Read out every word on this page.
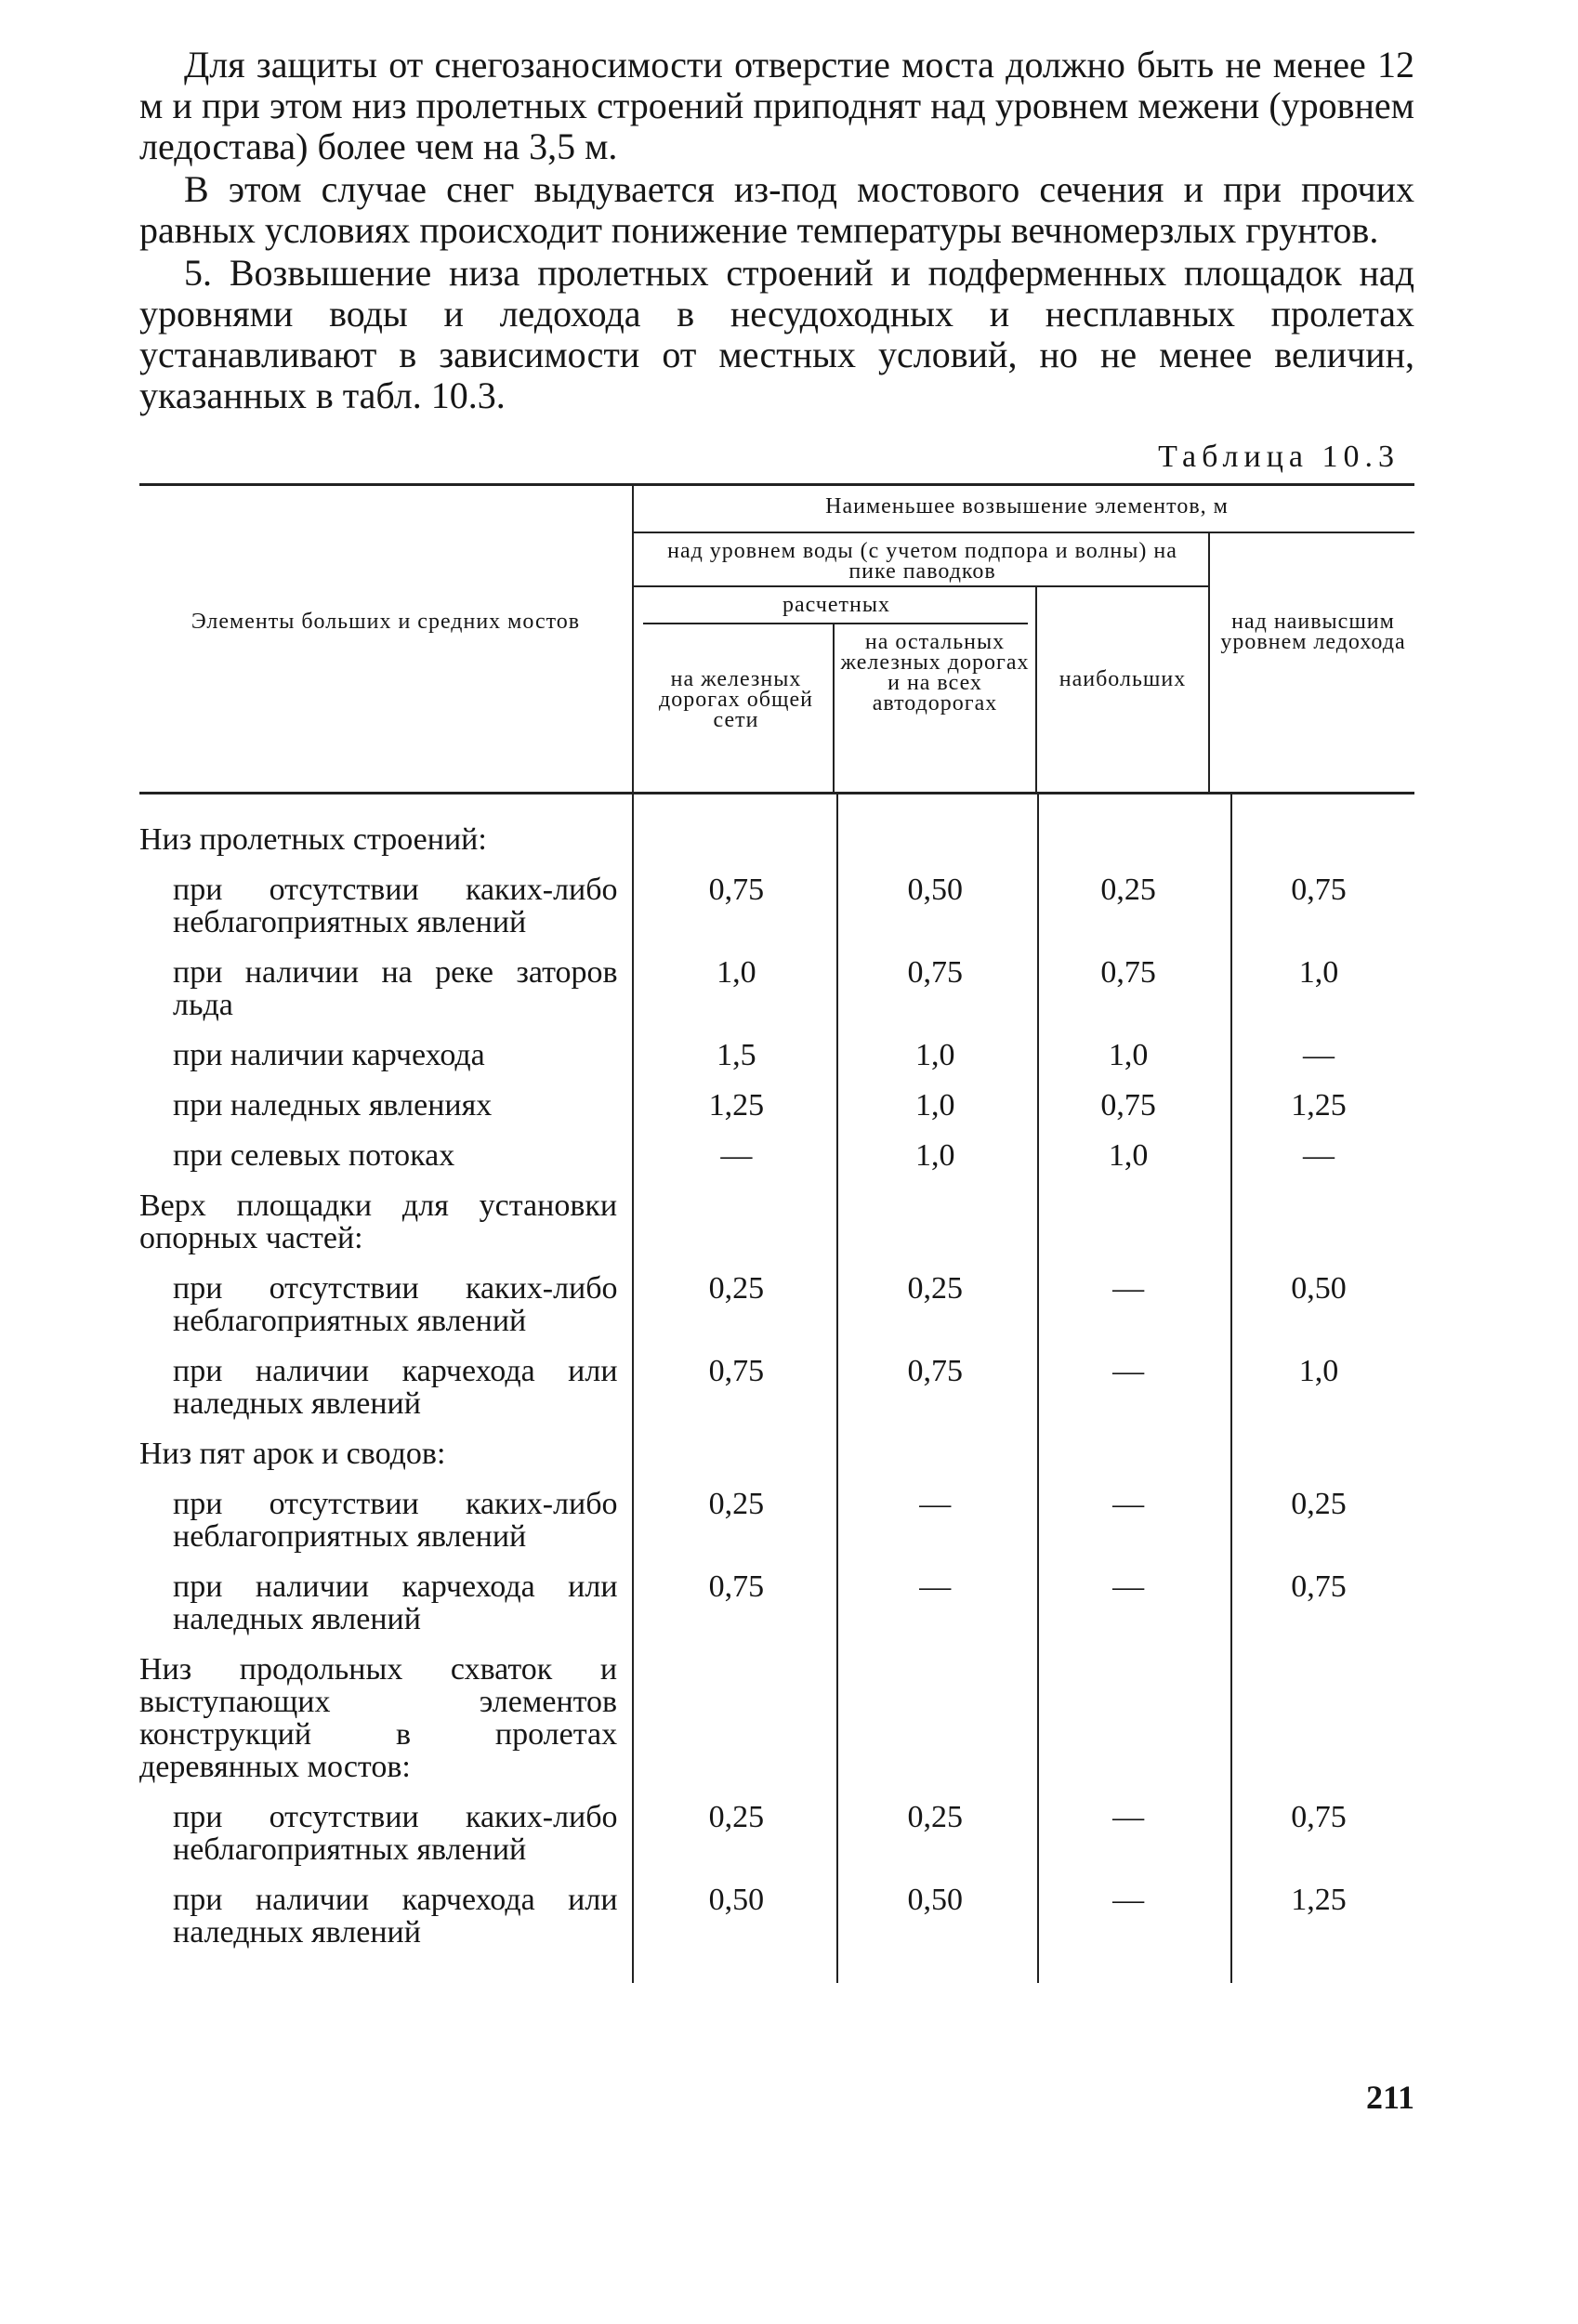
Для защиты от снегозаносимости отверстие моста должно быть не менее 12 м и при этом низ пролетных строений приподнят над уровнем межени (уровнем ледостава) более чем на 3,5 м.

В этом случае снег выдувается из-под мостового сечения и при прочих равных условиях происходит понижение температуры вечномерзлых грунтов.

5. Возвышение низа пролетных строений и подферменных площадок над уровнями воды и ледохода в несудоходных и несплавных пролетах устанавливают в зависимости от местных условий, но не менее величин, указанных в табл. 10.3.

Таблица 10.3
Элементы больших и средних мостов
Наименьшее возвышение элементов, м
над уровнем воды (с учетом подпора и волны) на пике паводков
расчетных
на железных дорогах общей сети
на остальных железных дорогах и на всех автодорогах
наибольших
над наивысшим уровнем ледохода
Низ пролетных строений:
при отсутствии каких-либо неблагоприятных явлений
0,75	0,50	0,25	0,75
при наличии на реке заторов льда
1,0	0,75	0,75	1,0
при наличии карчехода	1,5	1,0	1,0	—
при наледных явлениях	1,25	1,0	0,75	1,25
при селевых потоках	—	1,0	1,0	—
Верх площадки для установки опорных частей:
при отсутствии каких-либо неблагоприятных явлений
0,25	0,25	—	0,50
при наличии карчехода или наледных явлений
0,75	0,75	—	1,0
Низ пят арок и сводов:
при отсутствии каких-либо неблагоприятных явлений
0,25	—	—	0,25
при наличии карчехода или наледных явлений
0,75	—	—	0,75
Низ продольных схваток и выступающих элементов конструкций в пролетах деревянных мостов:
при отсутствии каких-либо неблагоприятных явлений
0,25	0,25	—	0,75
при наличии карчехода или наледных явлений
0,50	0,50	—	1,25
211
